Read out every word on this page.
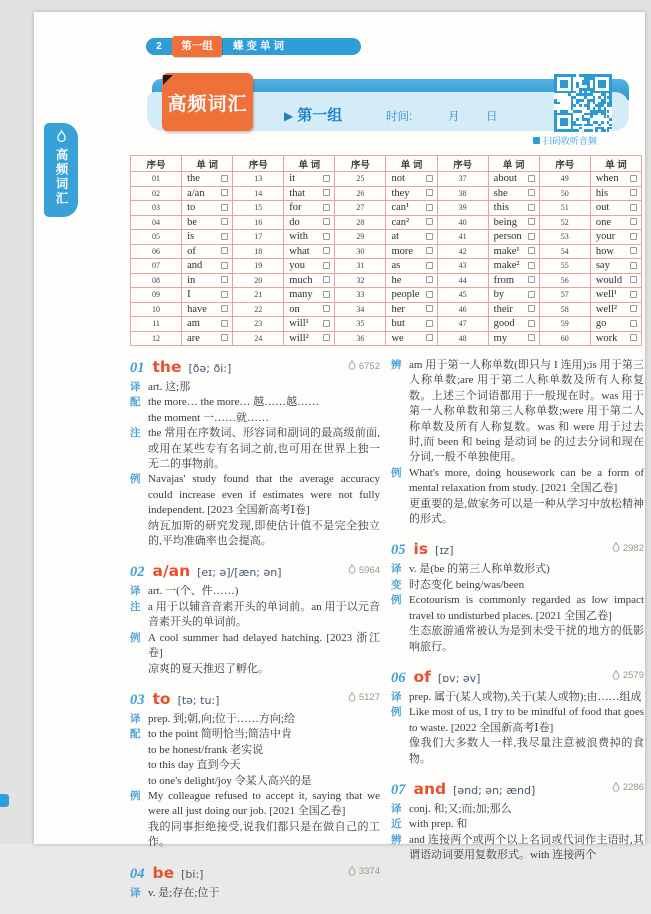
2	第一组	蝶变单词
高频词汇
▶ 第一组	时间:	月 日
扫码收听音频
序号	单 词	序号	单 词	序号	单 词	序号	单 词	序号	单 词
01	the	13	it	25	not	37	about	49	when

02	a/an	14	that	26	they	38	she	50	his

03	to	15	for	27	can¹	39	this	51	out

04	be	16	do	28	can²	40	being	52	one

05	is	17	with	29	at	41	person	53	your

06	of	18	what	30	more	42	make¹	54	how

07	and	19	you	31	as	43	make²	55	say

08	in	20	much	32	he	44	from	56	would

09	I	21	many	33	people	45	by	57	well¹

10	have	22	on	34	her	46	their	58	well²

11	am	23	will¹	35	but	47	good	59	go

12	are	24	will²	36	we	48	my	60	work
01 the [ðə; ði:]	6752
译 art. 这;那
配 the more… the more… 越……越……
the moment 一……就……
注 the 常用在序数词、形容词和副词的最高级前面,或用在某些专有名词之前,也可用在世界上独一无二的事物前。
例 Navajas' study found that the average accuracy could increase even if estimates were not fully independent. [2023 全国新高考Ⅰ卷]
纳瓦加斯的研究发现,即使估计值不是完全独立的,平均准确率也会提高。
02 a/an [eɪ; ə]/[æn; ən]	5964
译 art. 一(个、件……)
注 a 用于以辅音音素开头的单词前。an 用于以元音音素开头的单词前。
例 A cool summer had delayed hatching. [2023 浙江卷]
凉爽的夏天推迟了孵化。
03 to [tə; tu:]	5127
译 prep. 到;朝,向;位于……方向;给
配 to the point 简明恰当;简洁中肯
to be honest/frank 老实说
to this day 直到今天
to one's delight/joy 令某人高兴的是
例 My colleague refused to accept it, saying that we were all just doing our job. [2021 全国乙卷]
我的同事拒绝接受,说我们都只是在做自己的工作。
04 be [bi:]	3374
译 v. 是;存在;位于
辨 am 用于第一人称单数(即只与 I 连用);is 用于第三人称单数;are 用于第二人称单数及所有人称复数。上述三个词语都用于一般现在时。was 用于第一人称单数和第三人称单数;were 用于第二人称单数及所有人称复数。was 和 were 用于过去时,而 been 和 being 是动词 be 的过去分词和现在分词,一般不单独使用。
例 What's more, doing housework can be a form of mental relaxation from study. [2021 全国乙卷]
更重要的是,做家务可以是一种从学习中放松精神的形式。
05 is [ɪz]	2982
译 v. 是(be 的第三人称单数形式)
变 时态变化 being/was/been
例 Ecotourism is commonly regarded as low impact travel to undisturbed places. [2021 全国乙卷]
生态旅游通常被认为是到未受干扰的地方的低影响旅行。
06 of [ɒv; əv]	2579
译 prep. 属于(某人或物),关于(某人或物);由……组成
例 Like most of us, I try to be mindful of food that goes to waste. [2022 全国新高考Ⅰ卷]
像我们大多数人一样,我尽量注意被浪费掉的食物。
07 and [ənd; ən; ænd]	2286
译 conj. 和;又;而;加;那么
近 with prep. 和
辨 and 连接两个或两个以上名词或代词作主语时,其谓语动词要用复数形式。with 连接两个
高频词汇
